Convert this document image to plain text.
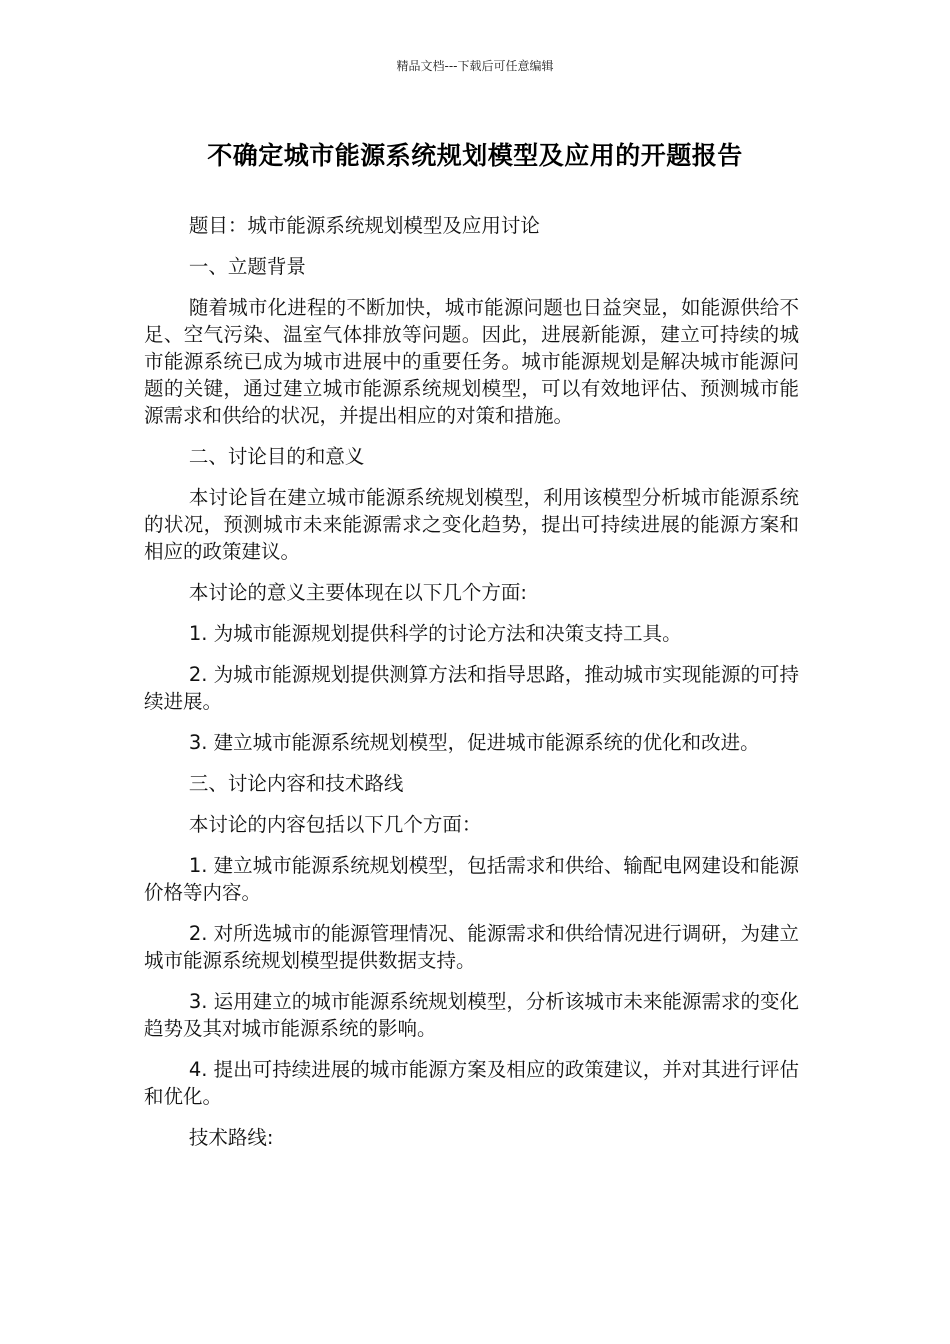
精品文档---下载后可任意编辑
不确定城市能源系统规划模型及应用的开题报告

题目：城市能源系统规划模型及应用讨论

一、立题背景

随着城市化进程的不断加快，城市能源问题也日益突显，如能源供给不足、空气污染、温室气体排放等问题。因此，进展新能源，建立可持续的城市能源系统已成为城市进展中的重要任务。城市能源规划是解决城市能源问题的关键，通过建立城市能源系统规划模型，可以有效地评估、预测城市能源需求和供给的状况，并提出相应的对策和措施。

二、讨论目的和意义

本讨论旨在建立城市能源系统规划模型，利用该模型分析城市能源系统的状况，预测城市未来能源需求之变化趋势，提出可持续进展的能源方案和相应的政策建议。

本讨论的意义主要体现在以下几个方面:

1. 为城市能源规划提供科学的讨论方法和决策支持工具。

2. 为城市能源规划提供测算方法和指导思路，推动城市实现能源的可持续进展。

3. 建立城市能源系统规划模型，促进城市能源系统的优化和改进。

三、讨论内容和技术路线

本讨论的内容包括以下几个方面：

1. 建立城市能源系统规划模型，包括需求和供给、输配电网建设和能源价格等内容。

2. 对所选城市的能源管理情况、能源需求和供给情况进行调研，为建立城市能源系统规划模型提供数据支持。

3. 运用建立的城市能源系统规划模型，分析该城市未来能源需求的变化趋势及其对城市能源系统的影响。

4. 提出可持续进展的城市能源方案及相应的政策建议，并对其进行评估和优化。

技术路线:
